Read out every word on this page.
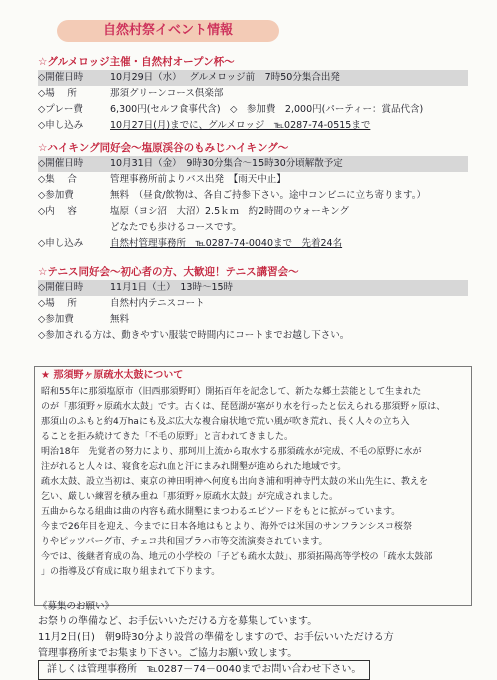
自然村祭イベント情報
☆グルメロッジ主催・自然村オープン杯～
◇開催日時	10月29日（水）　 グルメロッジ前　7時50分集合出発
◇場　 所	那須グリーンコース倶楽部
◇プレー費	6,300円(セルフ食事代含)　◇　参加費　2,000円(パーティー：賞品代含)
◇申し込み	10月27日(月)までに、グルメロッジ　℡0287-74-0515まで
☆ハイキング同好会～塩原渓谷のもみじハイキング～
◇開催日時	10月31日（金）　9時30分集合～15時30分頃解散予定
◇集　 合	管理事務所前よりバス出発　【雨天中止】
◇参加費	無料　（昼食/飲物は、各自ご持参下さい。途中コンビニに立ち寄ります。）
◇内　 容	塩原（ヨシ沼　大沼）2.5ｋｍ　約2時間のウォーキング
どなたでも歩けるコースです。
◇申し込み	自然村管理事務所　℡0287-74-0040まで　先着24名
☆テニス同好会～初心者の方、大歓迎！テニス講習会～
◇開催日時	11月1日（土）　13時～15時
◇場　 所	自然村内テニスコート
◇参加費	無料
◇参加される方は、動きやすい服装で時間内にコートまでお越し下さい。
★ 那須野ヶ原疏水太鼓について
昭和55年に那須塩原市（旧西那須野町）開拓百年を記念して、新たな郷土芸能として生まれた
のが「那須野ヶ原疏水太鼓」です。古くは、琵琶湖が塞がり水を行ったと伝えられる那須野ヶ原は、
那須山のふもと約4万haにも及ぶ広大な複合扇状地で荒い風が吹き荒れ、長く人々の立ち入
ることを拒み続けてきた「不毛の原野」と言われてきました。
明治18年　先覚者の努力により、那珂川上流から取水する那須疏水が完成、不毛の原野に水が
注がれると人々は、寝食を忘れ血と汗にまみれ開墾が進められた地域です。
疏水太鼓、設立当初は、東京の神田明神へ何度も出向き浦和明神寺門太鼓の米山先生に、教えを
乞い、厳しい練習を積み重ね「那須野ヶ原疏水太鼓」が完成されました。
五曲からなる組曲は曲の内容も疏水開墾にまつわるエピソードをもとに拡がっています。
今まで26年目を迎え、今までに日本各地はもとより、海外では米国のサンフランシスコ桜祭
りやピッツバーグ市、チェコ共和国プラハ市等交流演奏されています。
今では、後継者育成の為、地元の小学校の「子ども疏水太鼓」、那須拓陽高等学校の「疏水太鼓部
」の指導及び育成に取り組まれて下ります。
《募集のお願い》
お祭りの準備など、お手伝いいただける方を募集しています。
11月2日(日)　朝9時30分より設営の準備をしますので、お手伝いいただける方
管理事務所までお集まり下さい。ご協力お願い致します。
詳しくは管理事務所　℡0287－74－0040までお問い合わせ下さい。
